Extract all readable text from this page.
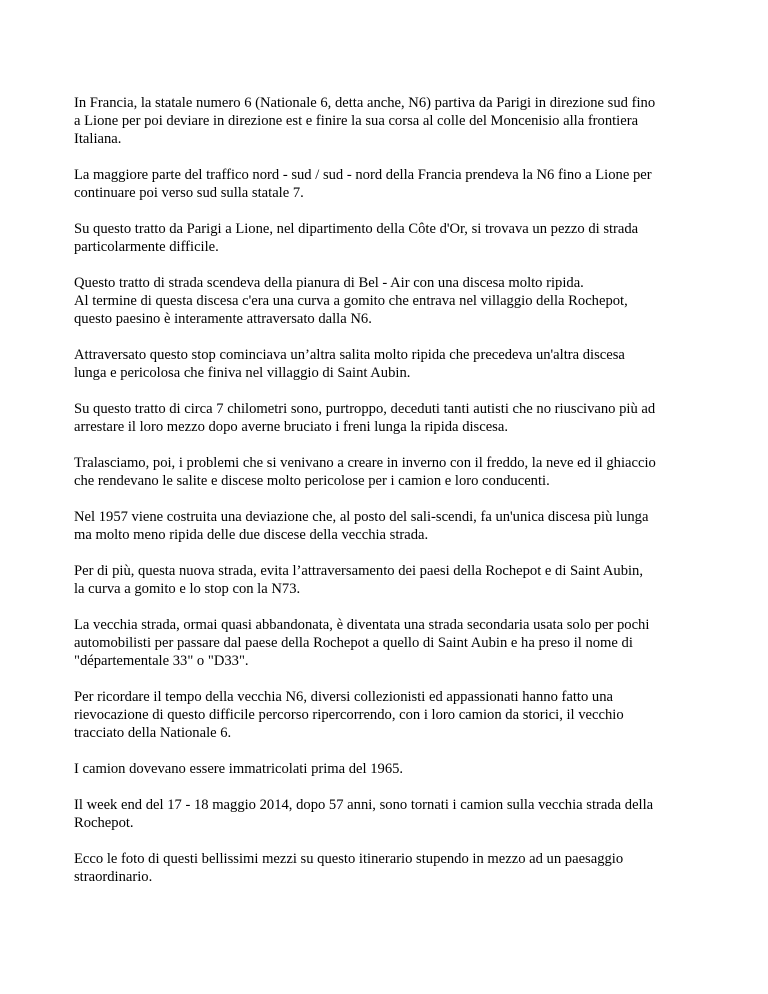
In Francia, la statale numero 6 (Nationale 6, detta anche, N6) partiva da Parigi in direzione sud fino
a Lione per poi deviare in direzione est e finire la sua corsa al colle del Moncenisio alla frontiera
Italiana.

La maggiore parte del traffico nord - sud / sud - nord della Francia prendeva la N6 fino a Lione per
continuare poi verso sud sulla statale 7.

Su questo tratto da Parigi a Lione, nel dipartimento della Côte d'Or, si trovava un pezzo di strada
particolarmente difficile.

Questo tratto di strada scendeva della pianura di Bel - Air con una discesa molto ripida.
Al termine di questa discesa c'era una curva a gomito che entrava nel villaggio della Rochepot,
questo paesino è interamente attraversato dalla N6.

Attraversato questo stop cominciava un’altra salita molto ripida che precedeva un'altra discesa
lunga e pericolosa che finiva nel villaggio di Saint Aubin.

Su questo tratto di circa 7 chilometri sono, purtroppo, deceduti tanti autisti che no riuscivano più ad
arrestare il loro mezzo dopo averne bruciato i freni lunga la ripida discesa.

Tralasciamo, poi, i problemi che si venivano a creare in inverno con il freddo, la neve ed il ghiaccio
che rendevano le salite e discese molto pericolose per i camion e loro conducenti.

Nel 1957 viene costruita una deviazione che, al posto del sali-scendi, fa un'unica discesa più lunga
ma molto meno ripida delle due discese della vecchia strada.

Per di più, questa nuova strada, evita l’attraversamento dei paesi della Rochepot e di Saint Aubin,
la curva a gomito e lo stop con la N73.

La vecchia strada, ormai quasi abbandonata, è diventata una strada secondaria usata solo per pochi
automobilisti per passare dal paese della Rochepot a quello di Saint Aubin e ha preso il nome di
"départementale 33" o "D33".

Per ricordare il tempo della vecchia N6, diversi collezionisti ed appassionati hanno fatto una
rievocazione di questo difficile percorso ripercorrendo, con i loro camion da storici, il vecchio
tracciato della Nationale 6.

I camion dovevano essere immatricolati prima del 1965.

Il week end del 17 - 18 maggio 2014, dopo 57 anni, sono tornati i camion sulla vecchia strada della
Rochepot.

Ecco le foto di questi bellissimi mezzi su questo itinerario stupendo in mezzo ad un paesaggio
straordinario.
